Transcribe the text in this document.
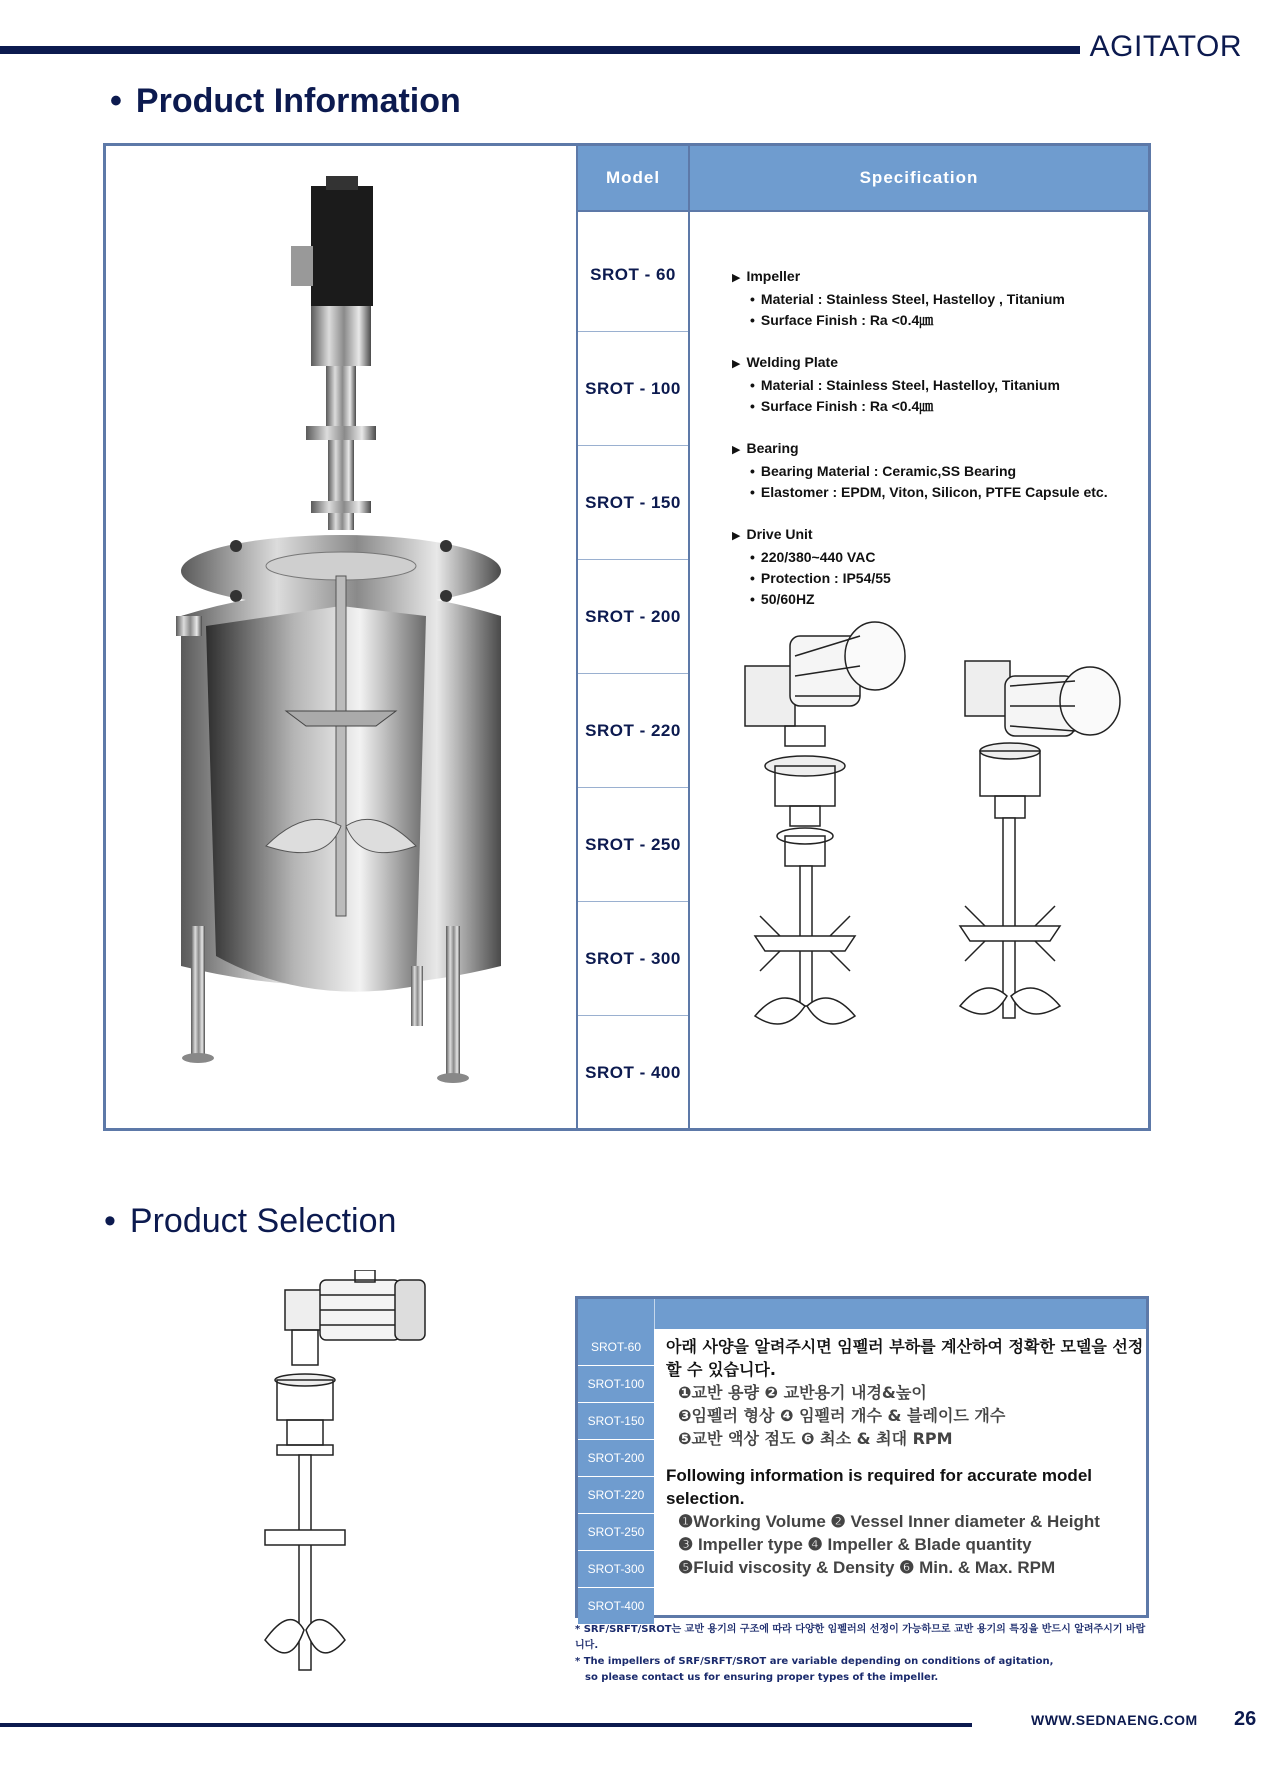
AGITATOR
• Product Information
Model
SROT - 60
SROT - 100
SROT - 150
SROT - 200
SROT - 220
SROT - 250
SROT - 300
SROT - 400
Specification
▶ Impeller
• Material : Stainless Steel, Hastelloy , Titanium
• Surface Finish : Ra <0.4㎛
▶ Welding Plate
• Material : Stainless Steel, Hastelloy, Titanium
• Surface Finish : Ra <0.4㎛
▶ Bearing
• Bearing Material : Ceramic,SS Bearing
• Elastomer : EPDM, Viton, Silicon, PTFE Capsule etc.
▶ Drive Unit
• 220/380~440 VAC
• Protection : IP54/55
• 50/60HZ
• Product Selection
SROT-60
SROT-100
SROT-150
SROT-200
SROT-220
SROT-250
SROT-300
SROT-400
아래 사양을 알려주시면 임펠러 부하를 계산하여 정확한 모델을 선정할 수 있습니다.
❶교반 용량 ❷ 교반용기 내경&높이
❸임펠러 형상 ❹ 임펠러 개수 & 블레이드 개수
❺교반 액상 점도 ❻ 최소 & 최대 RPM
Following information is required for accurate model selection.
❶Working Volume ❷ Vessel Inner diameter & Height
❸ Impeller type ❹ Impeller & Blade quantity
❺Fluid viscosity & Density ❻ Min. & Max. RPM
* SRF/SRFT/SROT는 교반 용기의 구조에 따라 다양한 임펠러의 선정이 가능하므로 교반 용기의 특징을 반드시 알려주시기 바랍니다.
* The impellers of SRF/SRFT/SROT are variable depending on conditions of agitation,
so please contact us for ensuring proper types of the impeller.
WWW.SEDNAENG.COM 26
